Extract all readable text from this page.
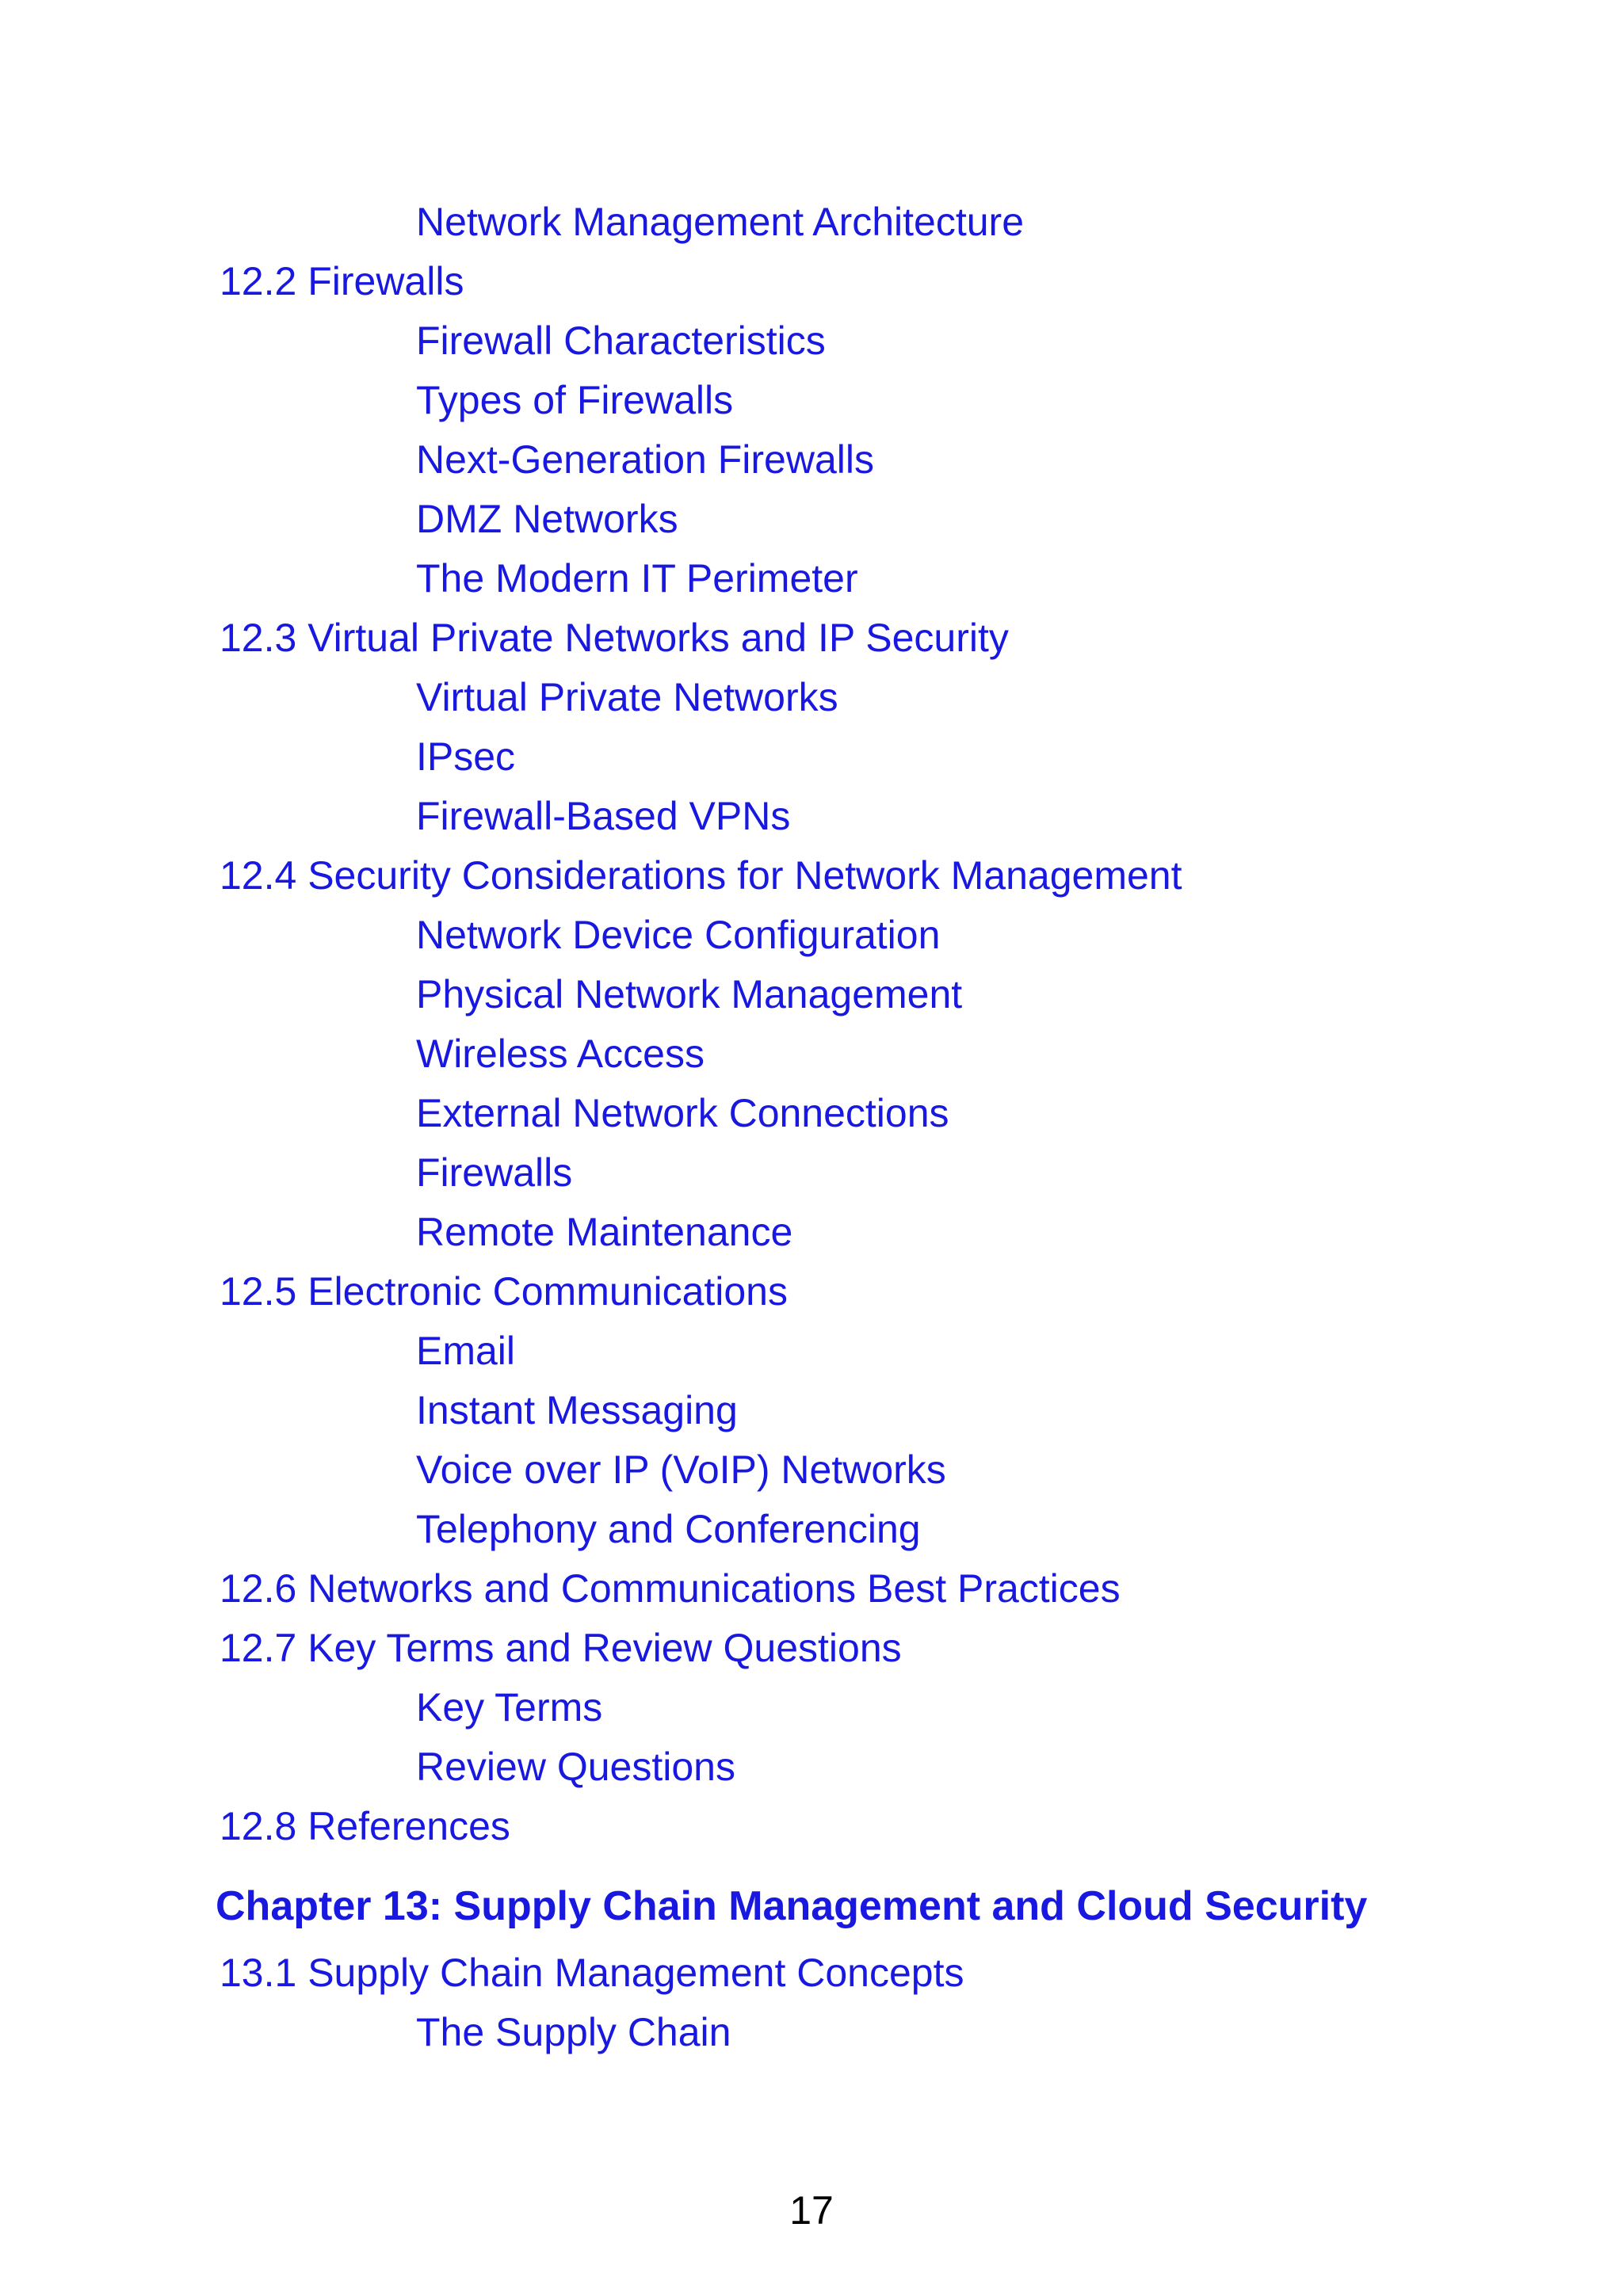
Network Management Architecture
12.2 Firewalls
Firewall Characteristics
Types of Firewalls
Next-Generation Firewalls
DMZ Networks
The Modern IT Perimeter
12.3 Virtual Private Networks and IP Security
Virtual Private Networks
IPsec
Firewall-Based VPNs
12.4 Security Considerations for Network Management
Network Device Configuration
Physical Network Management
Wireless Access
External Network Connections
Firewalls
Remote Maintenance
12.5 Electronic Communications
Email
Instant Messaging
Voice over IP (VoIP) Networks
Telephony and Conferencing
12.6 Networks and Communications Best Practices
12.7 Key Terms and Review Questions
Key Terms
Review Questions
12.8 References
Chapter 13: Supply Chain Management and Cloud Security
13.1 Supply Chain Management Concepts
The Supply Chain
17
